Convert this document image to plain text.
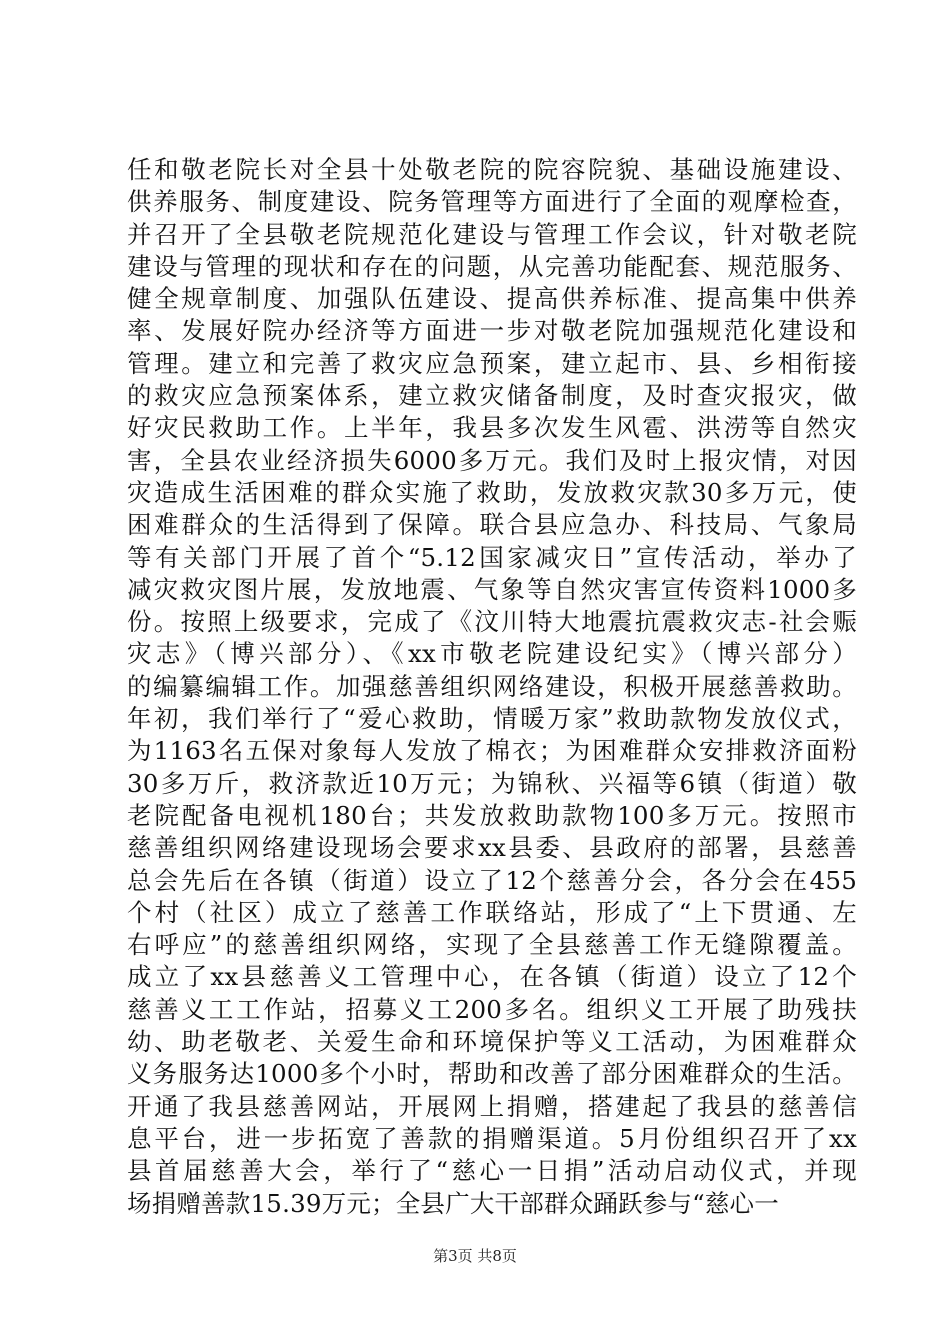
任和敬老院长对全县十处敬老院的院容院貌、基础设施建设、
供养服务、制度建设、院务管理等方面进行了全面的观摩检查，
并召开了全县敬老院规范化建设与管理工作会议，针对敬老院
建设与管理的现状和存在的问题，从完善功能配套、规范服务、
健全规章制度、加强队伍建设、提高供养标准、提高集中供养
率、发展好院办经济等方面进一步对敬老院加强规范化建设和
管理。建立和完善了救灾应急预案，建立起市、县、乡相衔接
的救灾应急预案体系，建立救灾储备制度，及时查灾报灾，做
好灾民救助工作。上半年，我县多次发生风雹、洪涝等自然灾
害，全县农业经济损失6000多万元。我们及时上报灾情，对因
灾造成生活困难的群众实施了救助，发放救灾款30多万元，使
困难群众的生活得到了保障。联合县应急办、科技局、气象局
等有关部门开展了首个“5.12国家减灾日”宣传活动，举办了
减灾救灾图片展，发放地震、气象等自然灾害宣传资料1000多
份。按照上级要求，完成了《汶川特大地震抗震救灾志-社会赈
灾志》（博兴部分）、《xx市敬老院建设纪实》（博兴部分）
的编纂编辑工作。加强慈善组织网络建设，积极开展慈善救助。
年初，我们举行了“爱心救助，情暖万家”救助款物发放仪式，
为1163名五保对象每人发放了棉衣；为困难群众安排救济面粉
30多万斤，救济款近10万元；为锦秋、兴福等6镇（街道）敬
老院配备电视机180台；共发放救助款物100多万元。按照市
慈善组织网络建设现场会要求xx县委、县政府的部署，县慈善
总会先后在各镇（街道）设立了12个慈善分会，各分会在455
个村（社区）成立了慈善工作联络站，形成了“上下贯通、左
右呼应”的慈善组织网络，实现了全县慈善工作无缝隙覆盖。
成立了xx县慈善义工管理中心，在各镇（街道）设立了12个
慈善义工工作站，招募义工200多名。组织义工开展了助残扶
幼、助老敬老、关爱生命和环境保护等义工活动，为困难群众
义务服务达1000多个小时，帮助和改善了部分困难群众的生活。
开通了我县慈善网站，开展网上捐赠，搭建起了我县的慈善信
息平台，进一步拓宽了善款的捐赠渠道。5月份组织召开了xx
县首届慈善大会，举行了“慈心一日捐”活动启动仪式，并现
场捐赠善款15.39万元；全县广大干部群众踊跃参与“慈心一
第3页 共8页
